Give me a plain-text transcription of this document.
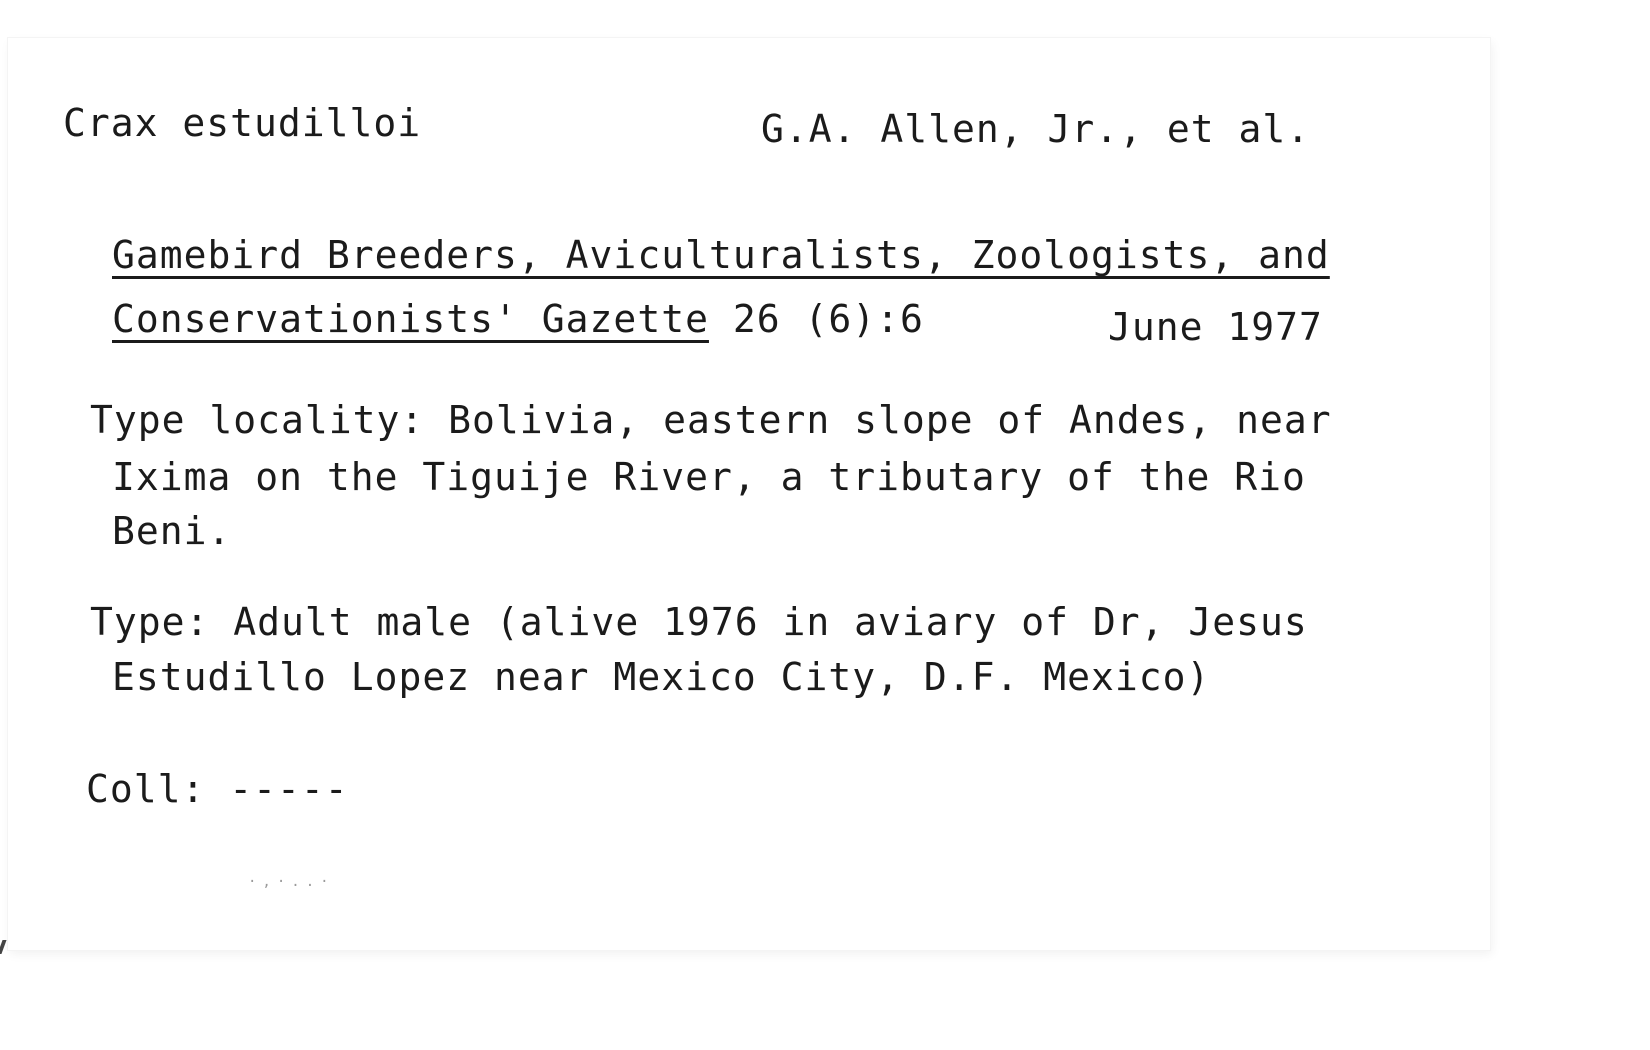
Crax estudilloi	G.A. Allen, Jr., et al.
Gamebird Breeders, Aviculturalists, Zoologists, and
Conservationists' Gazette 26 (6):6	June 1977
Type locality: Bolivia, eastern slope of Andes, near
Ixima on the Tiguije River, a tributary of the Rio
Beni.
Type: Adult male (alive 1976 in aviary of Dr, Jesus
Estudillo Lopez near Mexico City, D.F. Mexico)
Coll: -----
·,·..·
